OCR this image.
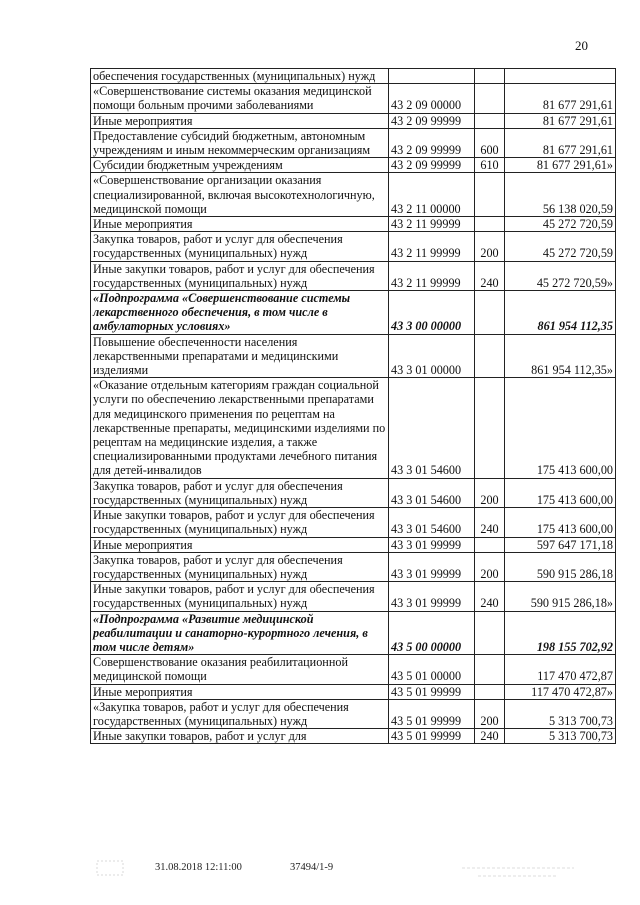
20
обеспечения государственных (муниципальных) нужд			
«Совершенствование системы оказания медицинской помощи больным прочими заболеваниями	43 2 09 00000		81 677 291,61
Иные мероприятия	43 2 09 99999		81 677 291,61
Предоставление субсидий бюджетным, автономным учреждениям и иным некоммерческим организациям	43 2 09 99999	600	81 677 291,61
Субсидии бюджетным учреждениям	43 2 09 99999	610	81 677 291,61»
«Совершенствование организации оказания специализированной, включая высокотехнологичную, медицинской помощи	43 2 11 00000		56 138 020,59
Иные мероприятия	43 2 11 99999		45 272 720,59
Закупка товаров, работ и услуг для обеспечения государственных (муниципальных) нужд	43 2 11 99999	200	45 272 720,59
Иные закупки товаров, работ и услуг для обеспечения государственных (муниципальных) нужд	43 2 11 99999	240	45 272 720,59»
«Подпрограмма «Совершенствование системы лекарственного обеспечения, в том числе в амбулаторных условиях»	43 3 00 00000		861 954 112,35
Повышение обеспеченности населения лекарственными препаратами и медицинскими изделиями	43 3 01 00000		861 954 112,35»
«Оказание отдельным категориям граждан социальной услуги по обеспечению лекарственными препаратами для медицинского применения по рецептам на лекарственные препараты, медицинскими изделиями по рецептам на медицинские изделия, а также специализированными продуктами лечебного питания для детей-инвалидов	43 3 01 54600		175 413 600,00
Закупка товаров, работ и услуг для обеспечения государственных (муниципальных) нужд	43 3 01 54600	200	175 413 600,00
Иные закупки товаров, работ и услуг для обеспечения государственных (муниципальных) нужд	43 3 01 54600	240	175 413 600,00
Иные мероприятия	43 3 01 99999		597 647 171,18
Закупка товаров, работ и услуг для обеспечения государственных (муниципальных) нужд	43 3 01 99999	200	590 915 286,18
Иные закупки товаров, работ и услуг для обеспечения государственных (муниципальных) нужд	43 3 01 99999	240	590 915 286,18»
«Подпрограмма «Развитие медицинской реабилитации и санаторно-курортного лечения, в том числе детям»	43 5 00 00000		198 155 702,92
Совершенствование оказания реабилитационной медицинской помощи	43 5 01 00000		117 470 472,87
Иные мероприятия	43 5 01 99999		117 470 472,87»
«Закупка товаров, работ и услуг для обеспечения государственных (муниципальных) нужд	43 5 01 99999	200	5 313 700,73
Иные закупки товаров, работ и услуг для	43 5 01 99999	240	5 313 700,73
31.08.2018 12:11:00	37494/1-9
